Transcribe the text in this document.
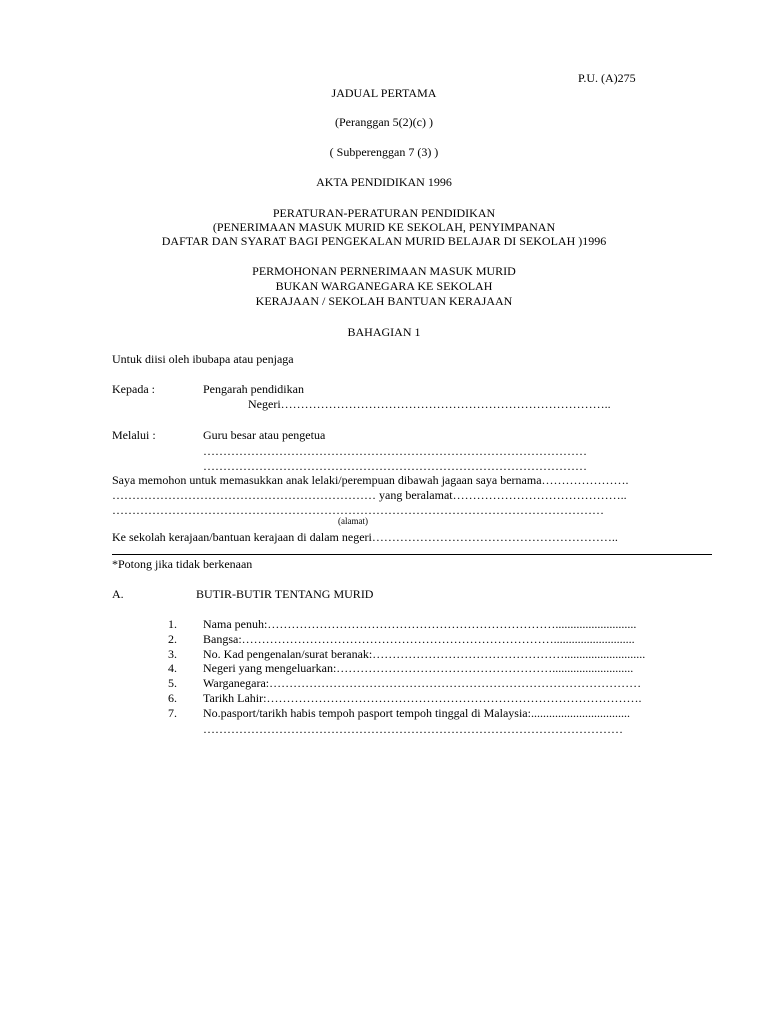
P.U. (A)275
JADUAL PERTAMA
(Peranggan 5(2)(c) )
( Subperenggan 7 (3) )
AKTA PENDIDIKAN 1996
PERATURAN-PERATURAN PENDIDIKAN
(PENERIMAAN MASUK MURID KE SEKOLAH, PENYIMPANAN
DAFTAR DAN SYARAT BAGI PENGEKALAN MURID BELAJAR DI SEKOLAH )1996
PERMOHONAN PERNERIMAAN MASUK MURID
BUKAN WARGANEGARA KE SEKOLAH
KERAJAAN / SEKOLAH BANTUAN KERAJAAN
BAHAGIAN 1
Untuk diisi oleh ibubapa atau penjaga
Kepada :	Pengarah pendidikan
Negeri………………………………………………………………………..
Melalui :	Guru besar atau pengetua
……………………………………………………………………………………
……………………………………………………………………………………
Saya memohon untuk memasukkan anak lelaki/perempuan dibawah jagaan saya bernama………………….
………………………………………………………… yang beralamat……………………………………..
……………………………………………………………………………………………………………
(alamat)
Ke sekolah kerajaan/bantuan kerajaan di dalam negeri……………………………………………………..
*Potong jika tidak berkenaan
A.	BUTIR-BUTIR TENTANG MURID
1. Nama penuh:………………………………………………………………...........................
2. Bangsa:……………………………………………………………………...........................
3. No. Kad pengenalan/surat beranak:…………………………………………...........................
4. Negeri yang mengeluarkan:………………………………………………...........................
5. Warganegara:…………………………………………………………………………………
6. Tarikh Lahir:………………………………………………………………………………….
7. No.pasport/tarikh habis tempoh pasport tempoh tinggal di Malaysia:.................................
……………………………………………………………………………………………
